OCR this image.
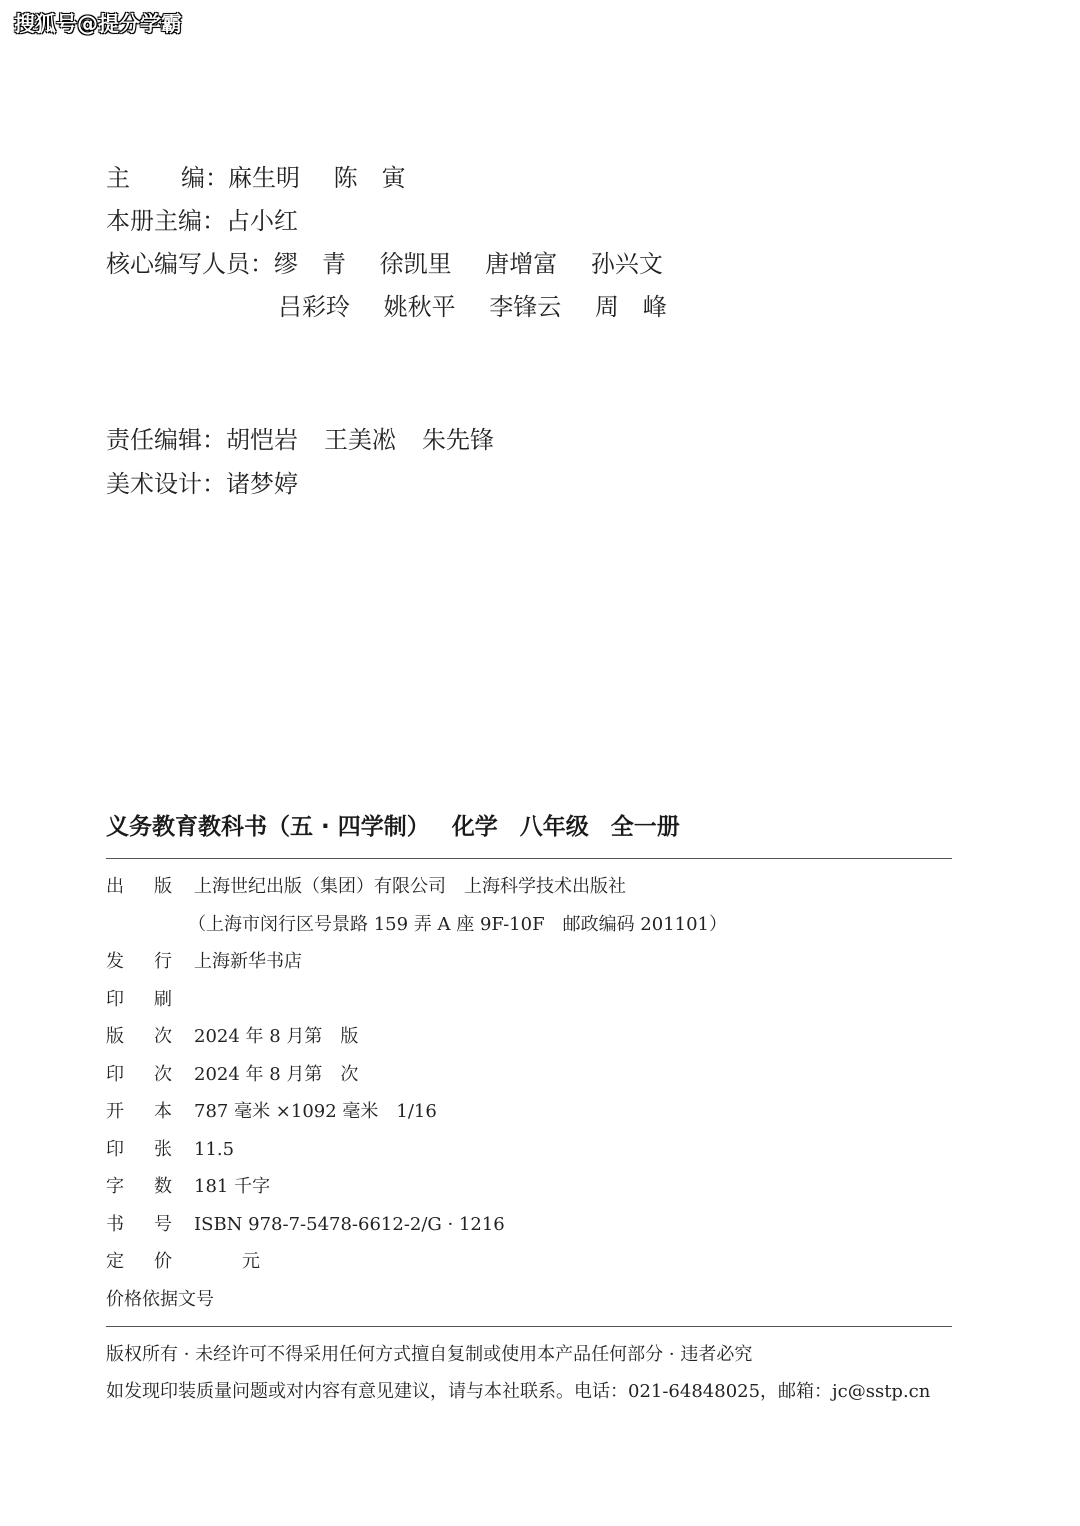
搜狐号@提分学霸
主 编： 麻生明 陈　寅
本册主编： 占小红
核心编写人员： 缪　青 徐凯里 唐增富 孙兴文
吕彩玲 姚秋平 李锋云 周　峰
责任编辑：胡恺岩 王美凇 朱先锋
美术设计：诸梦婷
义务教育教科书（五 · 四学制） 化学 八年级 全一册
出 版 上海世纪出版（集团）有限公司　上海科学技术出版社
（上海市闵行区号景路 159 弄 A 座 9F-10F　邮政编码 201101）
发 行 上海新华书店
印 刷
版 次 2024 年 8 月第　版
印 次 2024 年 8 月第　次
开 本 787 毫米 ×1092 毫米　1/16
印 张 11.5
字 数 181 千字
书 号 ISBN 978-7-5478-6612-2/G · 1216
定 价	元
价格依据文号
版权所有 · 未经许可不得采用任何方式擅自复制或使用本产品任何部分 · 违者必究
如发现印装质量问题或对内容有意见建议，请与本社联系。电话：021-64848025，邮箱：jc@sstp.cn
